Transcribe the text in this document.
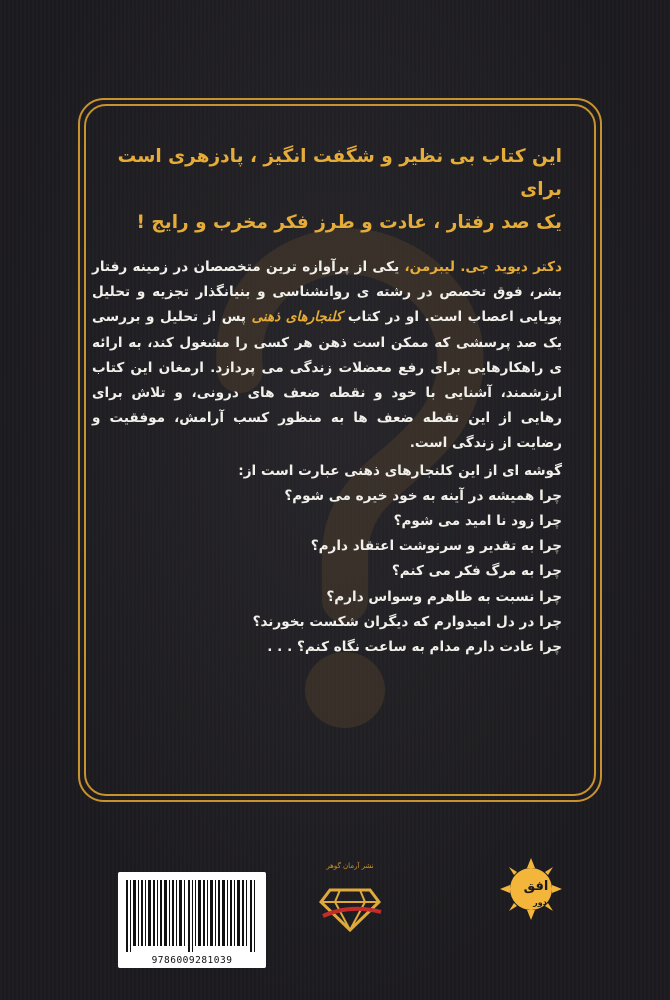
این کتاب بی نظیر و شگفت انگیز ، پادزهری است برای
یک صد رفتار ، عادت و طرز فکر مخرب و رایج !
دکتر دیوید جی. لیبرمن، یکی از پرآوازه ترین متخصصان در زمینه رفتار بشر، فوق تخصص در رشته ی روانشناسی و بنیانگذار تجزیه و تحلیل پویایی اعصاب است. او در کتاب کلنجارهای ذهنی پس از تحلیل و بررسی یک صد پرسشی که ممکن است ذهن هر کسی را مشغول کند، به ارائه ی راهکارهایی برای رفع معضلات زندگی می پردازد. ارمغان این کتاب ارزشمند، آشنایی با خود و نقطه ضعف های درونی، و تلاش برای رهایی از این نقطه ضعف ها به منظور کسب آرامش، موفقیت و رضایت از زندگی است.
گوشه ای از این کلنجارهای ذهنی عبارت است از:
چرا همیشه در آینه به خود خیره می شوم؟
چرا زود نا امید می شوم؟
چرا به تقدیر و سرنوشت اعتقاد دارم؟
چرا به مرگ فکر می کنم؟
چرا نسبت به ظاهرم وسواس دارم؟
چرا در دل امیدوارم که دیگران شکست بخورند؟
چرا عادت دارم مدام به ساعت نگاه کنم؟ . . .
9786009281039
نشر آرمان گوهر
افق
دور
